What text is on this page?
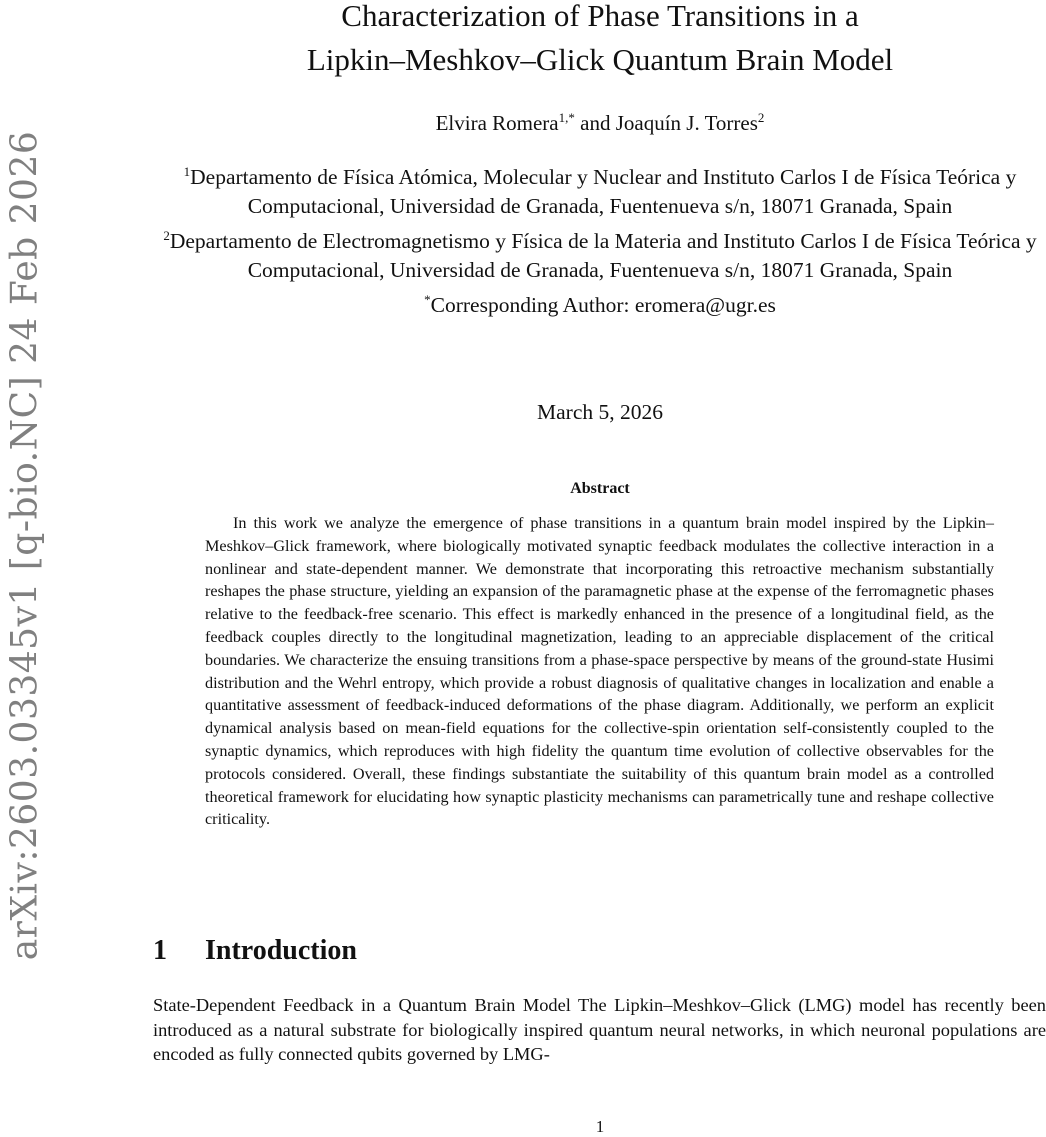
arXiv:2603.03345v1 [q-bio.NC] 24 Feb 2026
Characterization of Phase Transitions in a
Lipkin–Meshkov–Glick Quantum Brain Model
Elvira Romera$^{1,*}$ and Joaquín J. Torres$^2$

$^1$Departamento de Física Atómica, Molecular y Nuclear and Instituto Carlos I de Física Teórica y Computacional, Universidad de Granada, Fuentenueva s/n, 18071 Granada, Spain

$^2$Departamento de Electromagnetismo y Física de la Materia and Instituto Carlos I de Física Teórica y Computacional, Universidad de Granada, Fuentenueva s/n, 18071 Granada, Spain

*Corresponding Author: eromera@ugr.es

March 5, 2026
Abstract
In this work we analyze the emergence of phase transitions in a quantum brain model inspired by the Lipkin–Meshkov–Glick framework, where biologically motivated synaptic feedback modulates the collective interaction in a nonlinear and state-dependent manner. We demonstrate that incorporating this retroactive mechanism substantially reshapes the phase structure, yielding an expansion of the paramagnetic phase at the expense of the ferromagnetic phases relative to the feedback-free scenario. This effect is markedly enhanced in the presence of a longitudinal field, as the feedback couples directly to the longitudinal magnetization, leading to an appreciable displacement of the critical boundaries. We characterize the ensuing transitions from a phase-space perspective by means of the ground-state Husimi distribution and the Wehrl entropy, which provide a robust diagnosis of qualitative changes in localization and enable a quantitative assessment of feedback-induced deformations of the phase diagram. Additionally, we perform an explicit dynamical analysis based on mean-field equations for the collective-spin orientation self-consistently coupled to the synaptic dynamics, which reproduces with high fidelity the quantum time evolution of collective observables for the protocols considered. Overall, these findings substantiate the suitability of this quantum brain model as a controlled theoretical framework for elucidating how synaptic plasticity mechanisms can parametrically tune and reshape collective criticality.
1 Introduction
State-Dependent Feedback in a Quantum Brain Model The Lipkin–Meshkov–Glick (LMG) model has recently been introduced as a natural substrate for biologically inspired quantum neural networks, in which neuronal populations are encoded as fully connected qubits governed by LMG-
1
